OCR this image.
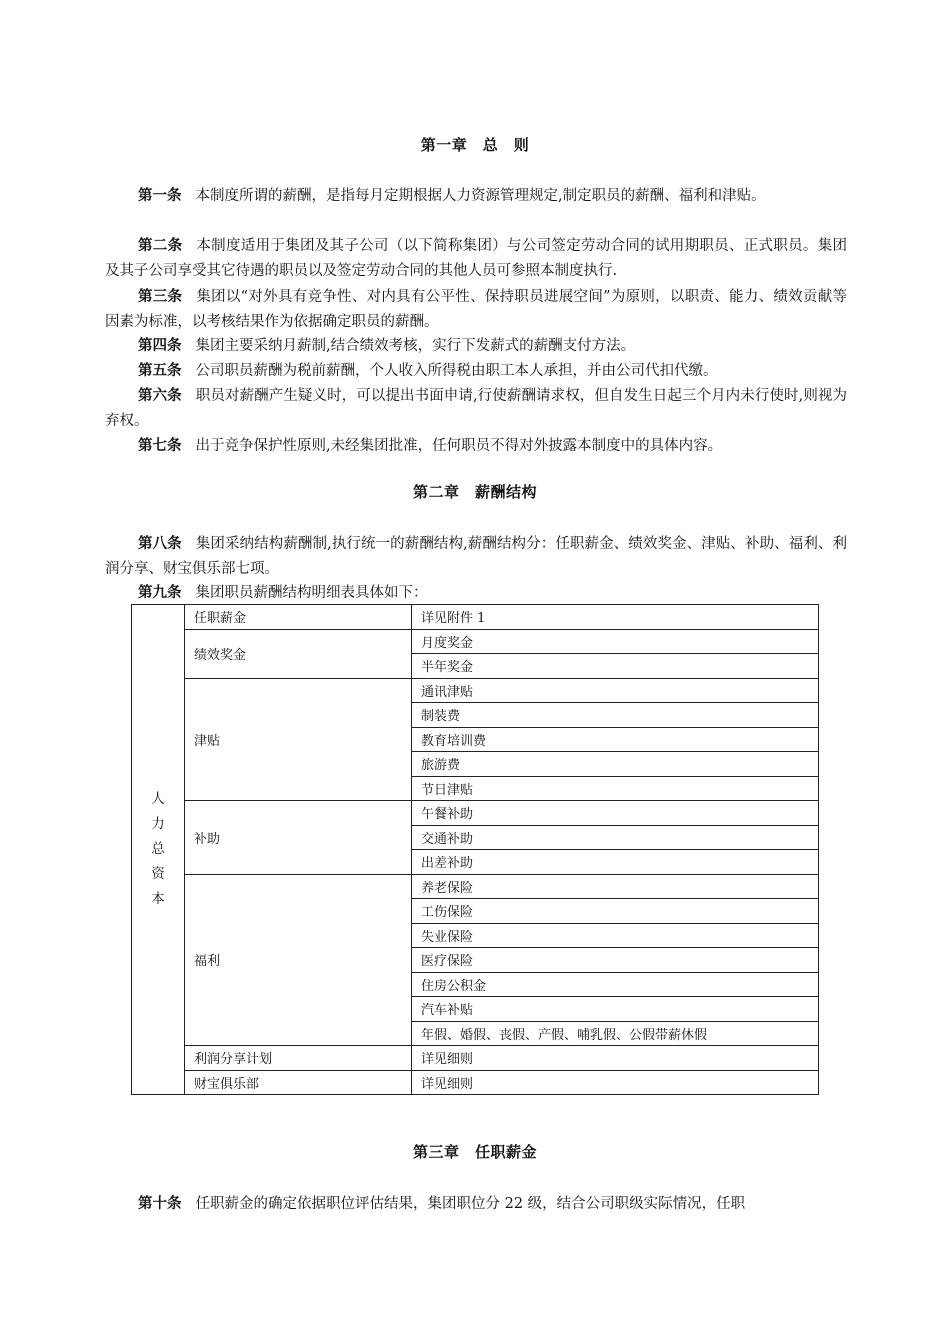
第一章　总　则

第一条 本制度所谓的薪酬，是指每月定期根据人力资源管理规定,制定职员的薪酬、福利和津贴。

第二条 本制度适用于集团及其子公司（以下简称集团）与公司签定劳动合同的试用期职员、正式职员。集团及其子公司享受其它待遇的职员以及签定劳动合同的其他人员可参照本制度执行.

第三条 集团以“对外具有竞争性、对内具有公平性、保持职员进展空间”为原则，以职责、能力、绩效贡献等因素为标准，以考核结果作为依据确定职员的薪酬。

第四条 集团主要采纳月薪制,结合绩效考核，实行下发薪式的薪酬支付方法。

第五条 公司职员薪酬为税前薪酬，个人收入所得税由职工本人承担，并由公司代扣代缴。

第六条 职员对薪酬产生疑义时，可以提出书面申请,行使薪酬请求权，但自发生日起三个月内未行使时,则视为弃权。

第七条 出于竞争保护性原则,未经集团批准，任何职员不得对外披露本制度中的具体内容。

第二章　薪酬结构

第八条 集团采纳结构薪酬制,执行统一的薪酬结构,薪酬结构分：任职薪金、绩效奖金、津贴、补助、福利、利润分享、财宝俱乐部七项。

第九条 集团职员薪酬结构明细表具体如下：

人力总资本	任职薪金	详见附件 1
	绩效奖金	月度奖金
		半年奖金
	津贴	通讯津贴
		制装费
		教育培训费
		旅游费
		节日津贴
	补助	午餐补助
		交通补助
		出差补助
	福利	养老保险
		工伤保险
		失业保险
		医疗保险
		住房公积金
		汽车补贴
		年假、婚假、丧假、产假、哺乳假、公假带薪休假
	利润分享计划	详见细则
	财宝俱乐部	详见细则
第三章　任职薪金

第十条 任职薪金的确定依据职位评估结果，集团职位分 22 级，结合公司职级实际情况，任职
